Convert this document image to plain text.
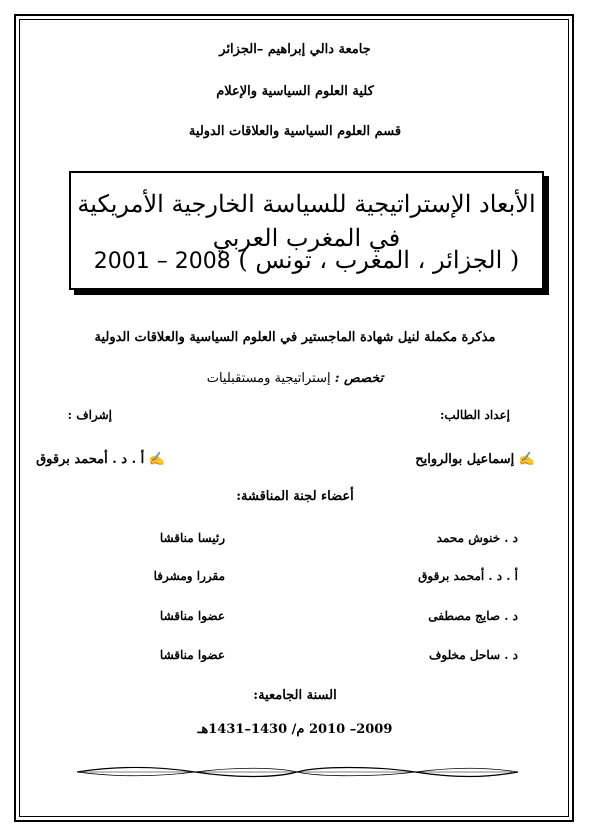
جامعة دالي إبراهيم –الجزائر
كلية العلوم السياسية والإعلام
قسم العلوم السياسية والعلاقات الدولية
الأبعاد الإستراتيجية للسياسة الخارجية الأمريكية في المغرب العربي
( الجزائر ، المغرب ، تونس ) 2001 – 2008
مذكرة مكملة لنيل شهادة الماجستير في العلوم السياسية والعلاقات الدولية
تخصص : إستراتيجية ومستقبليات
إعداد الطالب:
إشراف :
✍ إسماعيل بوالروايح
✍ أ . د . أمحمد برقوق
أعضاء لجنة المناقشة:
د . خنوش محمد
رئيسا مناقشا
أ . د . أمحمد برقوق
مقررا ومشرفا
د . صايج مصطفى
عضوا مناقشا
د . ساحل مخلوف
عضوا مناقشا
السنة الجامعية:
2009– 2010 م/ 1430–1431هـ
